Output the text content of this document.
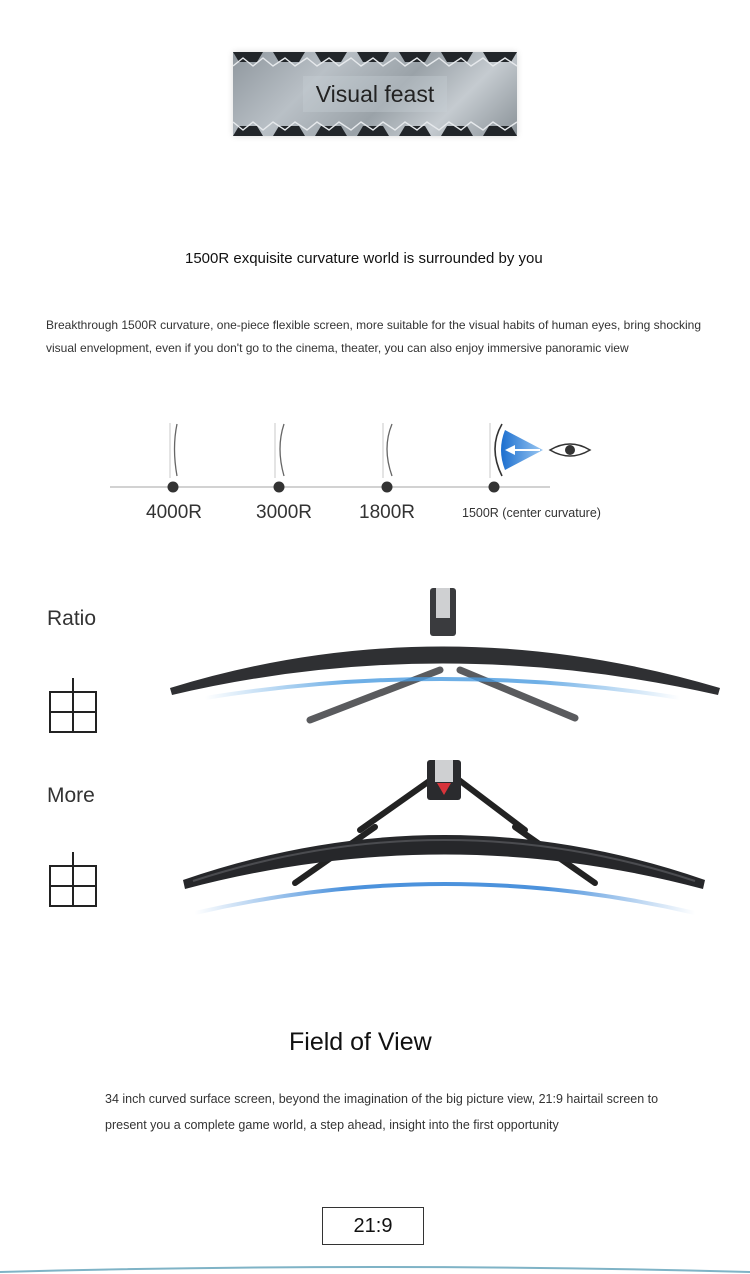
Visual feast
1500R exquisite curvature world is surrounded by you
Breakthrough 1500R curvature, one-piece flexible screen, more suitable for the visual habits of human eyes, bring shocking visual envelopment, even if you don't go to the cinema, theater, you can also enjoy immersive panoramic view
4000R	3000R 1800R	1500R (center curvature)
Ratio
More
Field of View
34 inch curved surface screen, beyond the imagination of the big picture view, 21:9 hairtail screen to present you a complete game world, a step ahead, insight into the first opportunity
21:9
